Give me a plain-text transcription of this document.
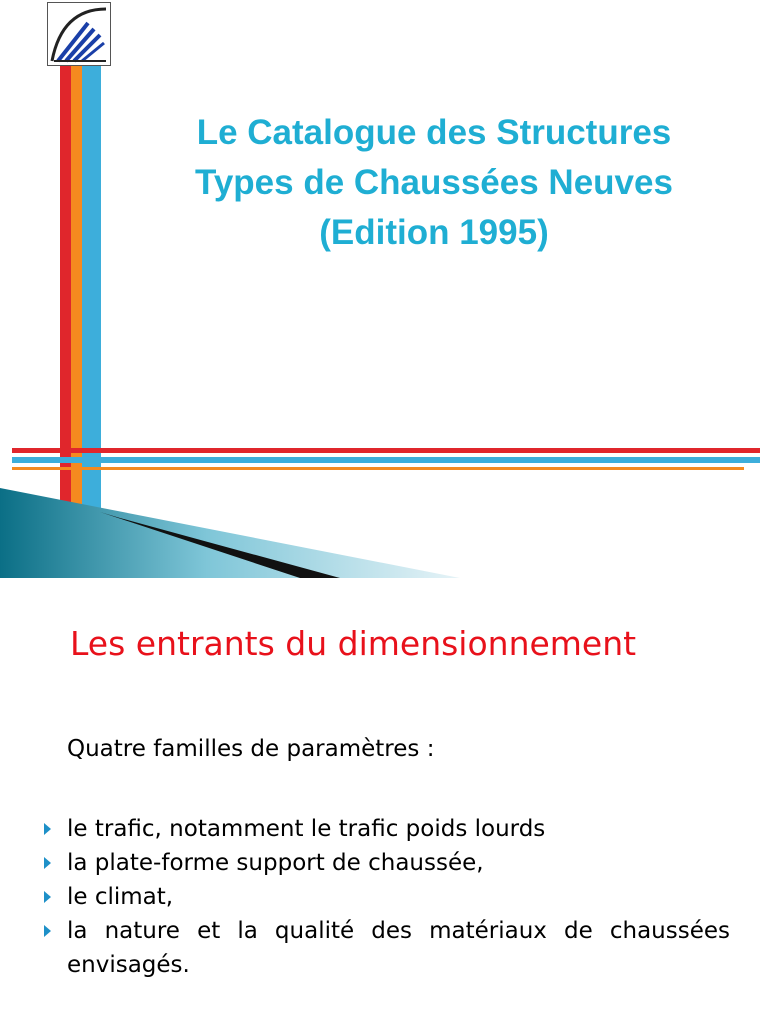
Le Catalogue des Structures
Types de Chaussées Neuves
(Edition 1995)
Les entrants du dimensionnement

Quatre familles de paramètres :

le trafic, notamment le trafic poids lourds
la plate-forme support de chaussée,
le climat,
la nature et la qualité des matériaux de chaussées envisagés.
